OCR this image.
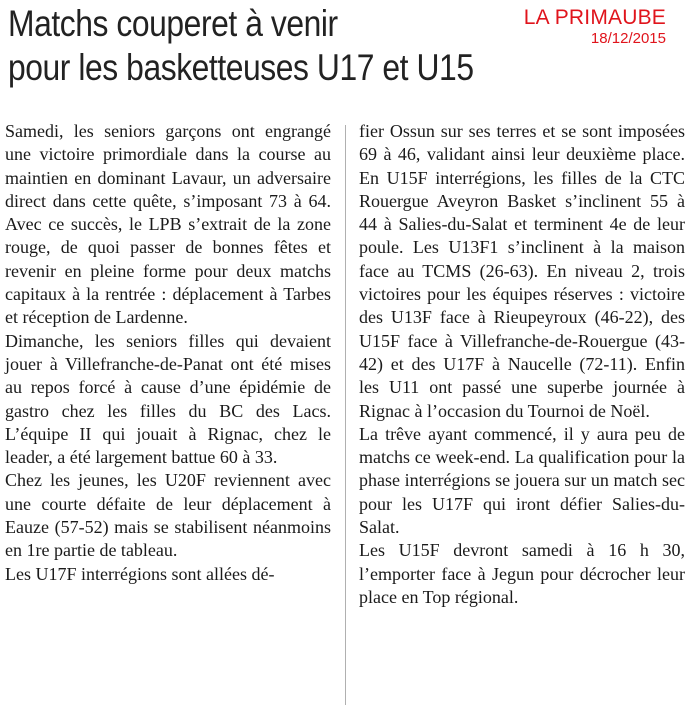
Matchs couperet à venir
pour les basketteuses U17 et U15
LA PRIMAUBE
18/12/2015

Samedi, les seniors garçons ont engrangé une victoire primordiale dans la course au maintien en dominant Lavaur, un adversaire direct dans cette quête, s’imposant 73 à 64. Avec ce succès, le LPB s’extrait de la zone rouge, de quoi passer de bonnes fêtes et revenir en pleine forme pour deux matchs capitaux à la rentrée : déplacement à Tarbes et réception de Lardenne.

Dimanche, les seniors filles qui devaient jouer à Villefranche-de-Panat ont été mises au repos forcé à cause d’une épidémie de gastro chez les filles du BC des Lacs. L’équipe II qui jouait à Rignac, chez le leader, a été largement battue 60 à 33.

Chez les jeunes, les U20F reviennent avec une courte défaite de leur déplacement à Eauze (57-52) mais se stabilisent néanmoins en 1re partie de tableau.

Les U17F interrégions sont allées dé-

fier Ossun sur ses terres et se sont imposées 69 à 46, validant ainsi leur deuxième place. En U15F interrégions, les filles de la CTC Rouergue Aveyron Basket s’inclinent 55 à 44 à Salies-du-Salat et terminent 4e de leur poule. Les U13F1 s’inclinent à la maison face au TCMS (26-63). En niveau 2, trois victoires pour les équipes réserves : victoire des U13F face à Rieupeyroux (46-22), des U15F face à Villefranche-de-Rouergue (43-42) et des U17F à Naucelle (72-11). Enfin les U11 ont passé une superbe journée à Rignac à l’occasion du Tournoi de Noël.

La trêve ayant commencé, il y aura peu de matchs ce week-end. La qualification pour la phase interrégions se jouera sur un match sec pour les U17F qui iront défier Salies-du-Salat.

Les U15F devront samedi à 16 h 30, l’emporter face à Jegun pour décrocher leur place en Top régional.
